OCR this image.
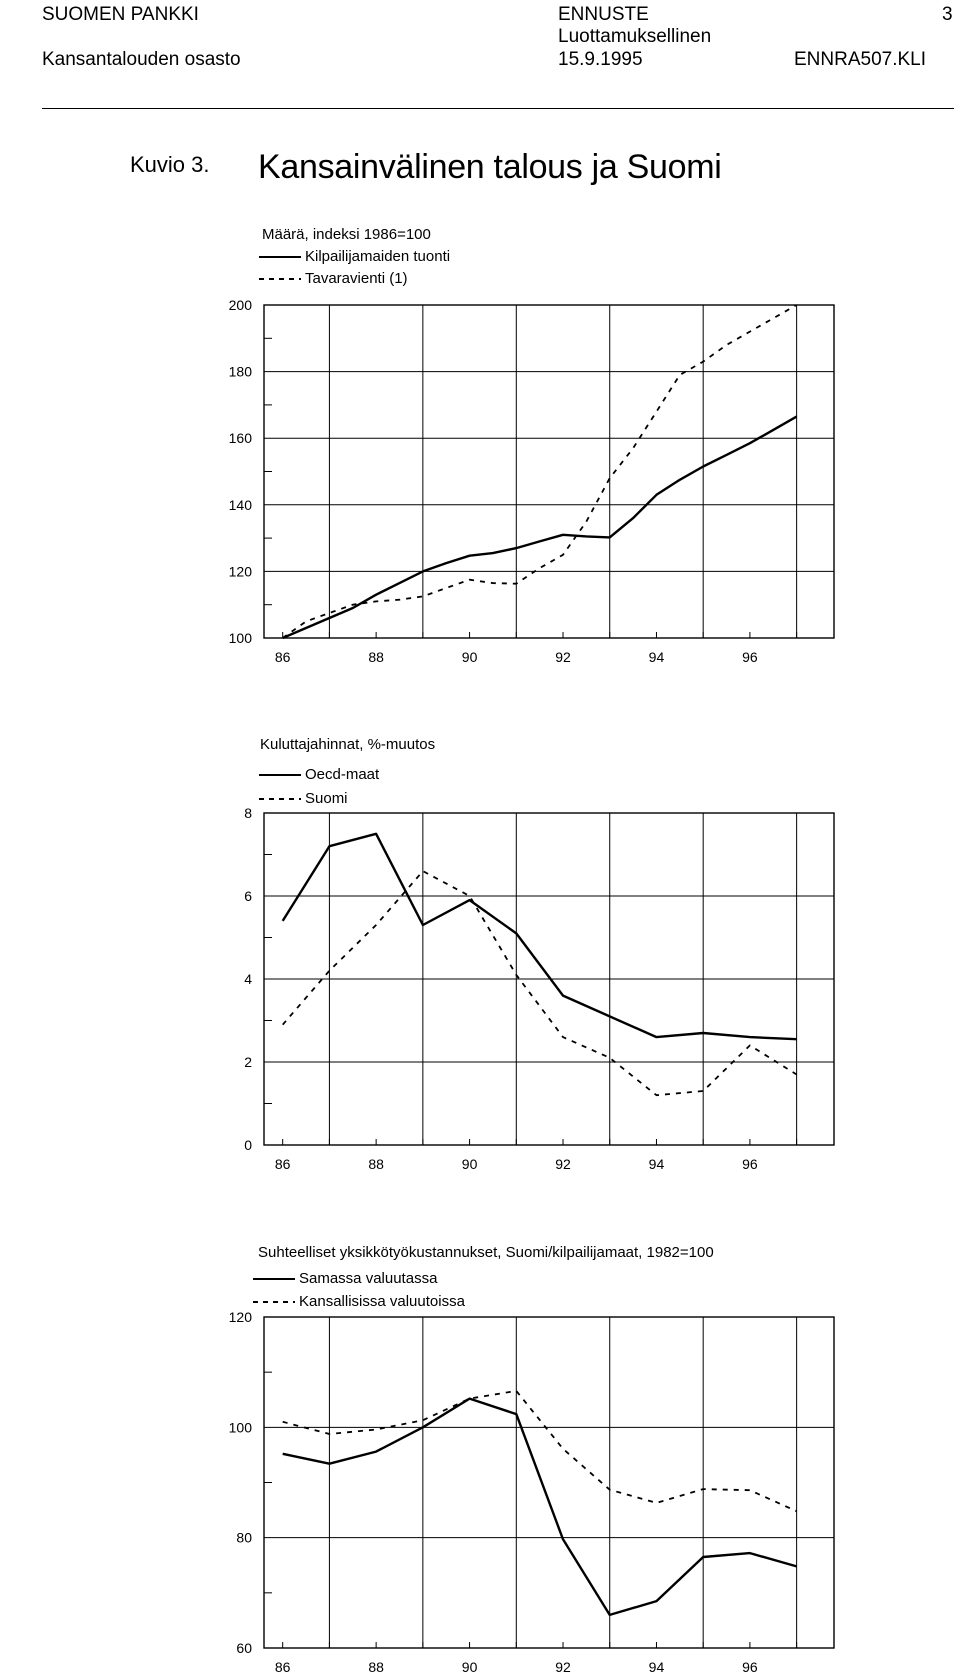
SUOMEN PANKKI
Kansantalouden osasto
ENNUSTE
Luottamuksellinen
15.9.1995
3
ENNRA507.KLI
Kuvio 3. Kansainvälinen talous ja Suomi
Määrä, indeksi 1986=100
Kilpailijamaiden tuonti
Tavaravienti (1)
Kuluttajahinnat, %-muutos
Oecd-maat
Suomi
Suhteelliset yksikkötyökustannukset, Suomi/kilpailijamaat, 1982=100
Samassa valuutassa
Kansallisissa valuutoissa
100
120
140
160
180
200
86	88	90	92	94	96
0
2
4
6
8
86	88	90	92	94	96
60
80
100
120
86	88	90	92	94	96
